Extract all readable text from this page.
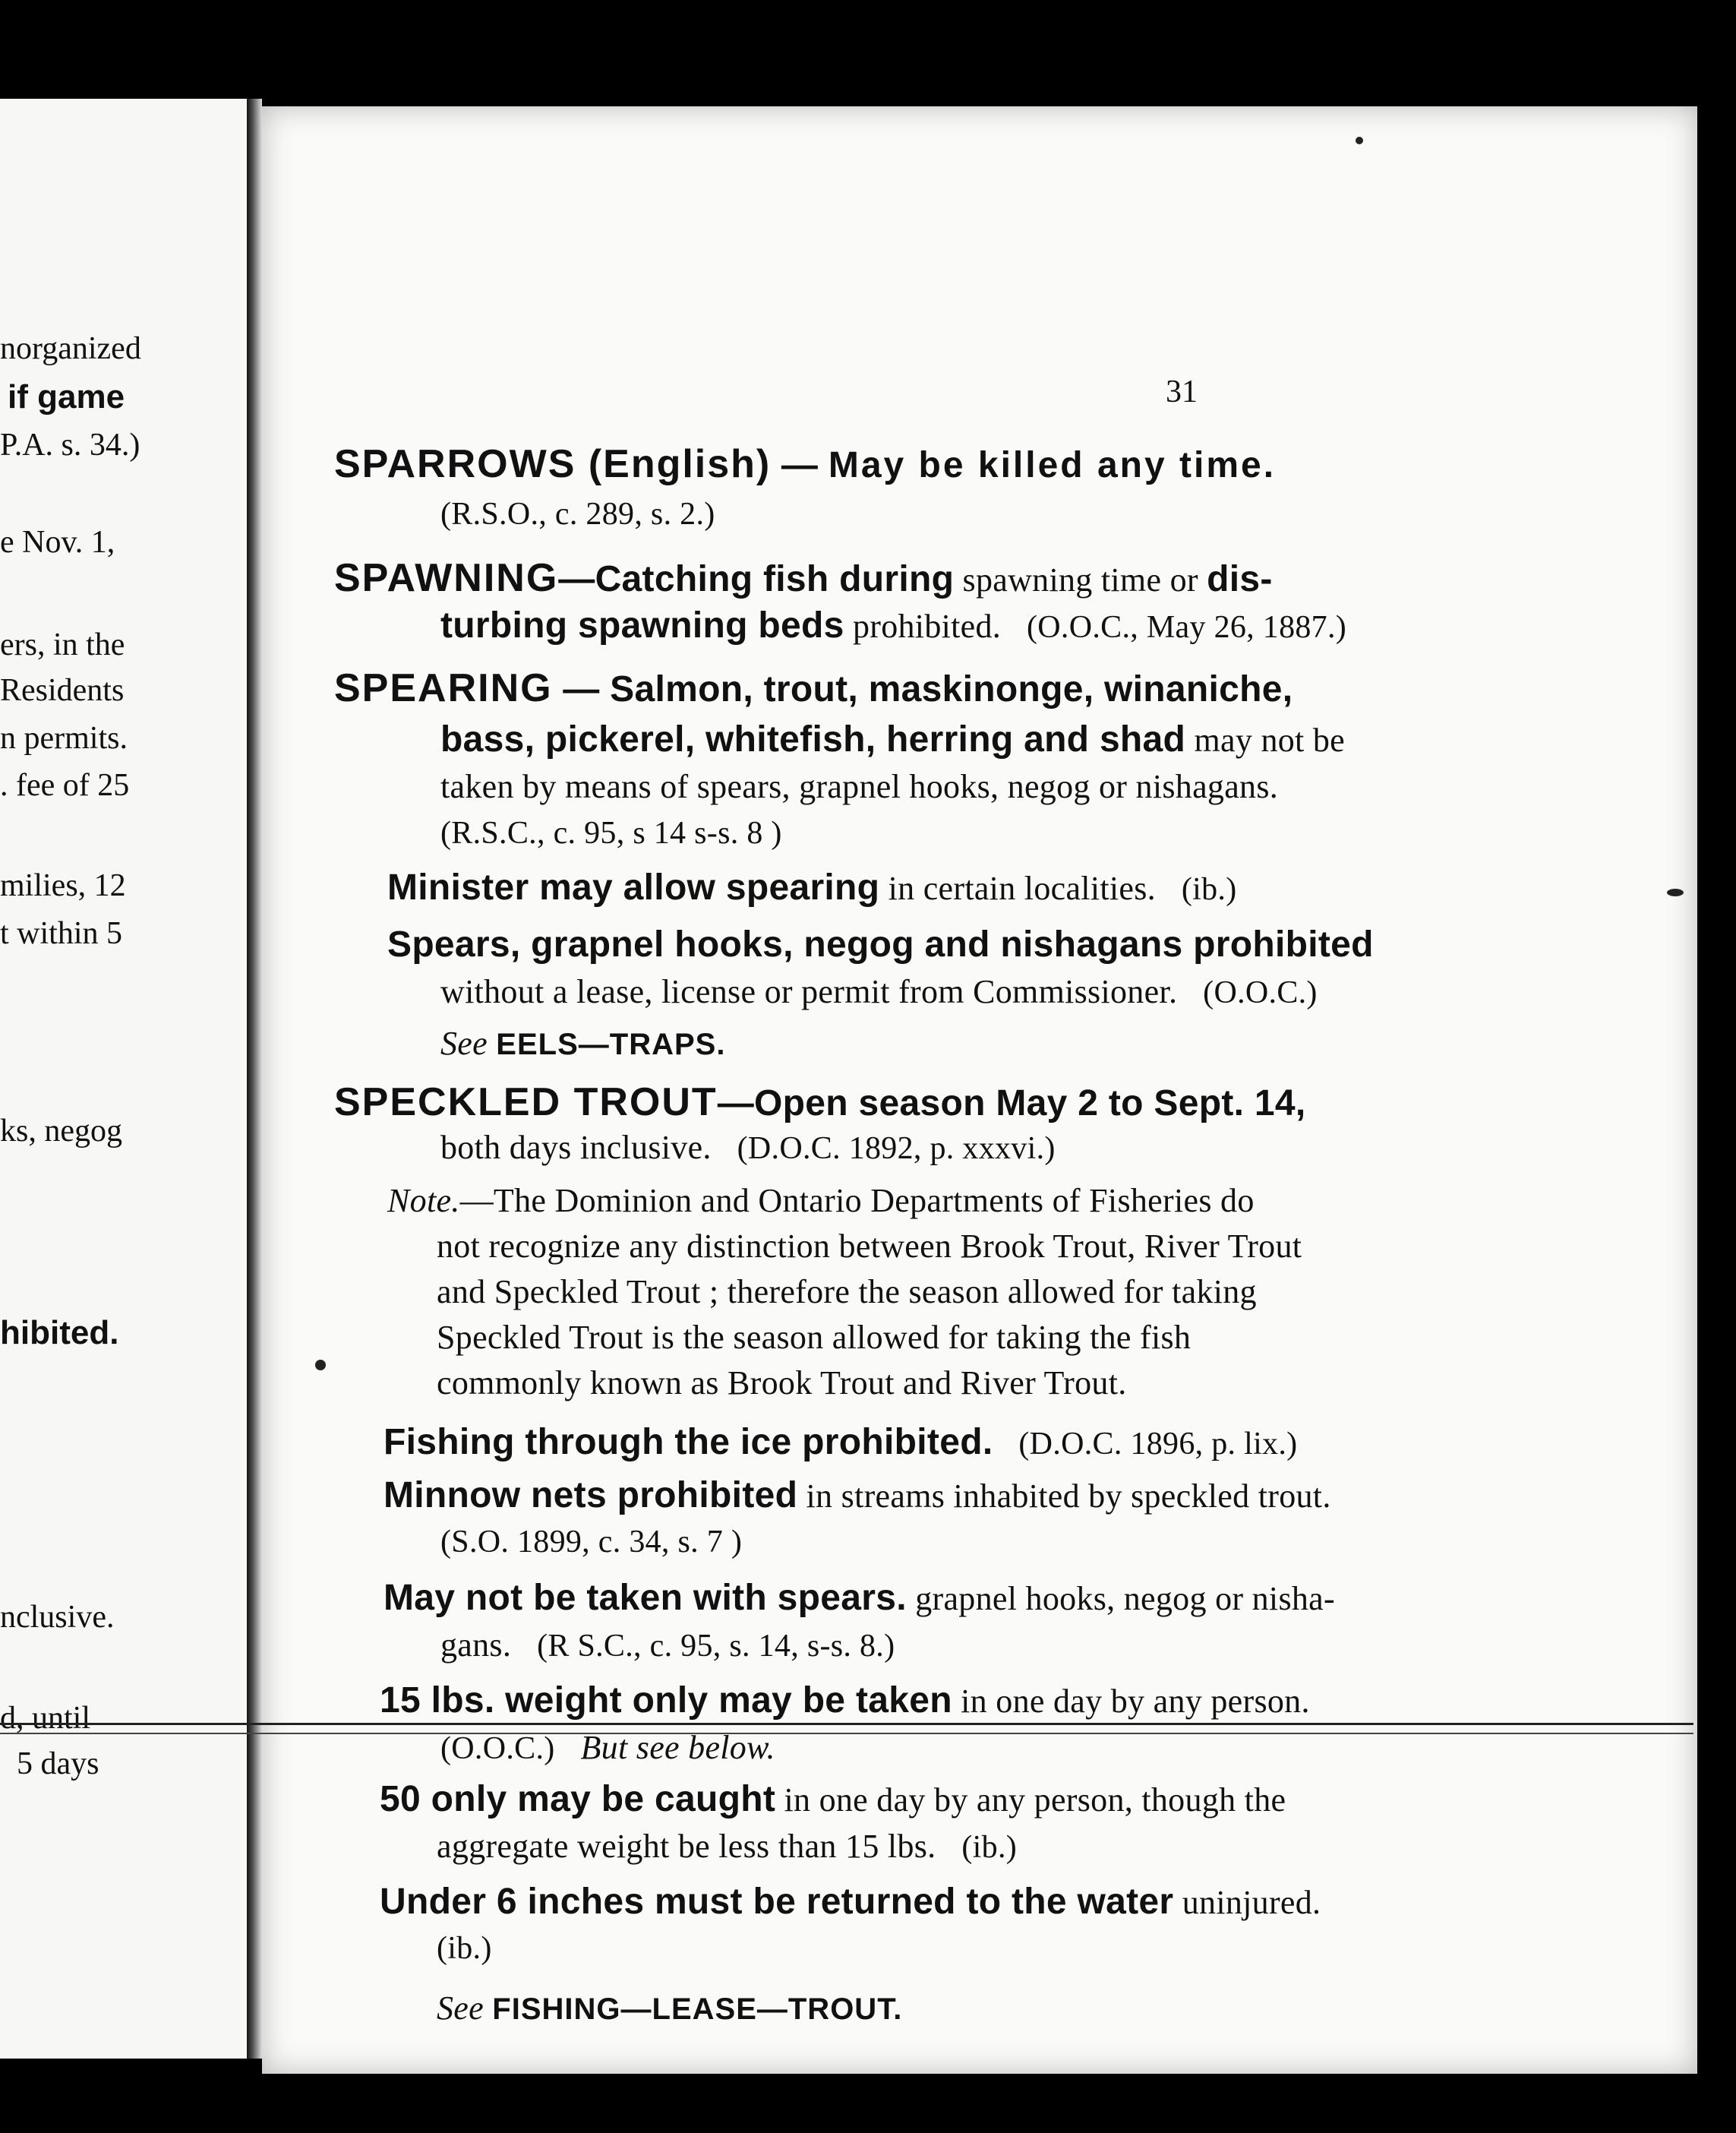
norganized
if game
P.A. s. 34.)
e Nov. 1,
ers, in the
Residents
n permits.
. fee of 25
milies, 12
t within 5
ks, negog
hibited.
nclusive.
d, until
5 days
31
SPARROWS (English) — May be killed any time.
(R.S.O., c. 289, s. 2.)
SPAWNING—Catching fish during spawning time or dis-
turbing spawning beds prohibited. (O.O.C., May 26, 1887.)
SPEARING — Salmon, trout, maskinonge, winaniche,
bass, pickerel, whitefish, herring and shad may not be
taken by means of spears, grapnel hooks, negog or nishagans.
(R.S.C., c. 95, s 14 s-s. 8 )
Minister may allow spearing in certain localities. (ib.)
Spears, grapnel hooks, negog and nishagans prohibited
without a lease, license or permit from Commissioner. (O.O.C.)
See EELS—TRAPS.
SPECKLED TROUT—Open season May 2 to Sept. 14,
both days inclusive. (D.O.C. 1892, p. xxxvi.)
Note.—The Dominion and Ontario Departments of Fisheries do
not recognize any distinction between Brook Trout, River Trout
and Speckled Trout ; therefore the season allowed for taking
Speckled Trout is the season allowed for taking the fish
commonly known as Brook Trout and River Trout.
Fishing through the ice prohibited. (D.O.C. 1896, p. lix.)
Minnow nets prohibited in streams inhabited by speckled trout.
(S.O. 1899, c. 34, s. 7 )
May not be taken with spears. grapnel hooks, negog or nisha-
gans. (R S.C., c. 95, s. 14, s-s. 8.)
15 lbs. weight only may be taken in one day by any person.
(O.O.C.) But see below.
50 only may be caught in one day by any person, though the
aggregate weight be less than 15 lbs. (ib.)
Under 6 inches must be returned to the water uninjured.
(ib.)
See FISHING—LEASE—TROUT.
